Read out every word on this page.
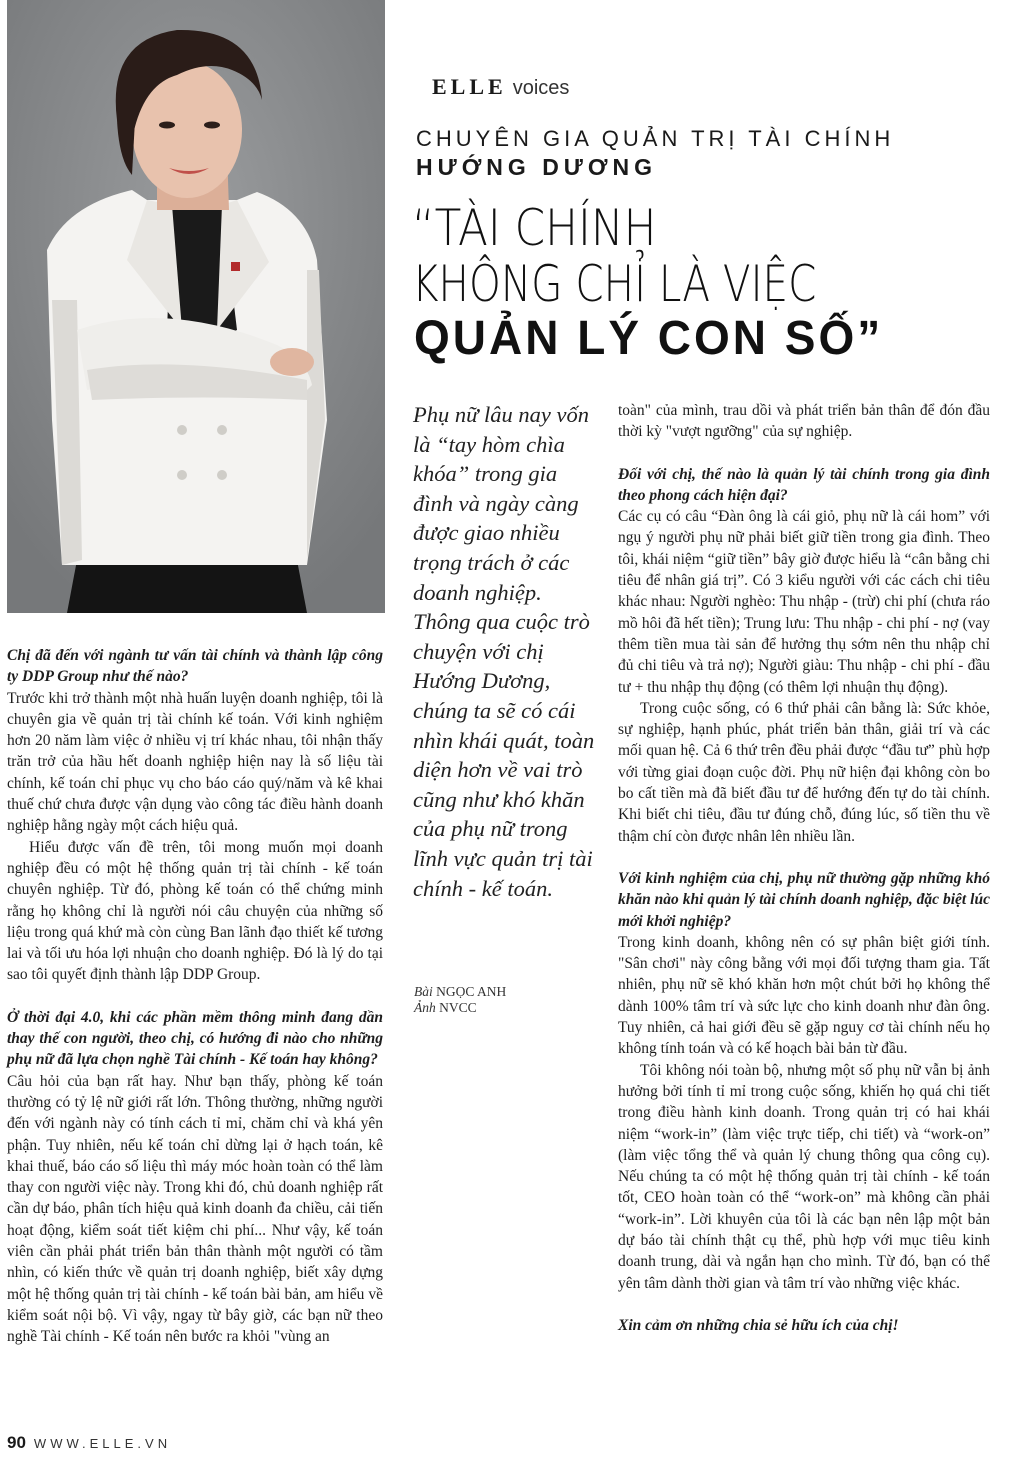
ELLE voices
CHUYÊN GIA QUẢN TRỊ TÀI CHÍNH
HƯỚNG DƯƠNG
“TÀI CHÍNH
KHÔNG CHỈ LÀ VIỆC
QUẢN LÝ CON SỐ”

Chị đã đến với ngành tư vấn tài chính và thành lập công ty DDP Group như thế nào?

Trước khi trở thành một nhà huấn luyện doanh nghiệp, tôi là chuyên gia về quản trị tài chính kế toán. Với kinh nghiệm hơn 20 năm làm việc ở nhiều vị trí khác nhau, tôi nhận thấy trăn trở của hầu hết doanh nghiệp hiện nay là số liệu tài chính, kế toán chỉ phục vụ cho báo cáo quý/năm và kê khai thuế chứ chưa được vận dụng vào công tác điều hành doanh nghiệp hằng ngày một cách hiệu quả.

Hiểu được vấn đề trên, tôi mong muốn mọi doanh nghiệp đều có một hệ thống quản trị tài chính - kế toán chuyên nghiệp. Từ đó, phòng kế toán có thể chứng minh rằng họ không chỉ là người nói câu chuyện của những số liệu trong quá khứ mà còn cùng Ban lãnh đạo thiết kế tương lai và tối ưu hóa lợi nhuận cho doanh nghiệp. Đó là lý do tại sao tôi quyết định thành lập DDP Group.

Ở thời đại 4.0, khi các phần mềm thông minh đang dần thay thế con người, theo chị, có hướng đi nào cho những phụ nữ đã lựa chọn nghề Tài chính - Kế toán hay không?

Câu hỏi của bạn rất hay. Như bạn thấy, phòng kế toán thường có tỷ lệ nữ giới rất lớn. Thông thường, những người đến với ngành này có tính cách tỉ mỉ, chăm chỉ và khá yên phận. Tuy nhiên, nếu kế toán chỉ dừng lại ở hạch toán, kê khai thuế, báo cáo số liệu thì máy móc hoàn toàn có thể làm thay con người việc này. Trong khi đó, chủ doanh nghiệp rất cần dự báo, phân tích hiệu quả kinh doanh đa chiều, cải tiến hoạt động, kiểm soát tiết kiệm chi phí... Như vậy, kế toán viên cần phải phát triển bản thân thành một người có tầm nhìn, có kiến thức về quản trị doanh nghiệp, biết xây dựng một hệ thống quản trị tài chính - kế toán bài bản, am hiểu về kiểm soát nội bộ. Vì vậy, ngay từ bây giờ, các bạn nữ theo nghề Tài chính - Kế toán nên bước ra khỏi "vùng an

Phụ nữ lâu nay vốn là “tay hòm chìa khóa” trong gia đình và ngày càng được giao nhiều trọng trách ở các doanh nghiệp. Thông qua cuộc trò chuyện với chị Hướng Dương, chúng ta sẽ có cái nhìn khái quát, toàn diện hơn về vai trò cũng như khó khăn của phụ nữ trong lĩnh vực quản trị tài chính - kế toán.
Bài NGỌC ANH
Ảnh NVCC

toàn" của mình, trau dồi và phát triển bản thân để đón đầu thời kỳ "vượt ngưỡng" của sự nghiệp.

Đối với chị, thế nào là quản lý tài chính trong gia đình theo phong cách hiện đại?

Các cụ có câu “Đàn ông là cái giỏ, phụ nữ là cái hom” với ngụ ý người phụ nữ phải biết giữ tiền trong gia đình. Theo tôi, khái niệm “giữ tiền” bây giờ được hiểu là “cân bằng chi tiêu để nhân giá trị”. Có 3 kiểu người với các cách chi tiêu khác nhau: Người nghèo: Thu nhập - (trừ) chi phí (chưa ráo mồ hôi đã hết tiền); Trung lưu: Thu nhập - chi phí - nợ (vay thêm tiền mua tài sản để hưởng thụ sớm nên thu nhập chỉ đủ chi tiêu và trả nợ); Người giàu: Thu nhập - chi phí - đầu tư + thu nhập thụ động (có thêm lợi nhuận thụ động).

Trong cuộc sống, có 6 thứ phải cân bằng là: Sức khỏe, sự nghiệp, hạnh phúc, phát triển bản thân, giải trí và các mối quan hệ. Cả 6 thứ trên đều phải được “đầu tư” phù hợp với từng giai đoạn cuộc đời. Phụ nữ hiện đại không còn bo bo cất tiền mà đã biết đầu tư để hướng đến tự do tài chính. Khi biết chi tiêu, đầu tư đúng chỗ, đúng lúc, số tiền thu về thậm chí còn được nhân lên nhiều lần.

Với kinh nghiệm của chị, phụ nữ thường gặp những khó khăn nào khi quản lý tài chính doanh nghiệp, đặc biệt lúc mới khởi nghiệp?

Trong kinh doanh, không nên có sự phân biệt giới tính. "Sân chơi" này công bằng với mọi đối tượng tham gia. Tất nhiên, phụ nữ sẽ khó khăn hơn một chút bởi họ không thể dành 100% tâm trí và sức lực cho kinh doanh như đàn ông. Tuy nhiên, cả hai giới đều sẽ gặp nguy cơ tài chính nếu họ không tính toán và có kế hoạch bài bản từ đầu.

Tôi không nói toàn bộ, nhưng một số phụ nữ vẫn bị ảnh hưởng bởi tính tỉ mỉ trong cuộc sống, khiến họ quá chi tiết trong điều hành kinh doanh. Trong quản trị có hai khái niệm “work-in” (làm việc trực tiếp, chi tiết) và “work-on” (làm việc tổng thể và quản lý chung thông qua công cụ). Nếu chúng ta có một hệ thống quản trị tài chính - kế toán tốt, CEO hoàn toàn có thể “work-on” mà không cần phải “work-in”. Lời khuyên của tôi là các bạn nên lập một bản dự báo tài chính thật cụ thể, phù hợp với mục tiêu kinh doanh trung, dài và ngắn hạn cho mình. Từ đó, bạn có thể yên tâm dành thời gian và tâm trí vào những việc khác.

Xin cảm ơn những chia sẻ hữu ích của chị!

90 WWW.ELLE.VN
